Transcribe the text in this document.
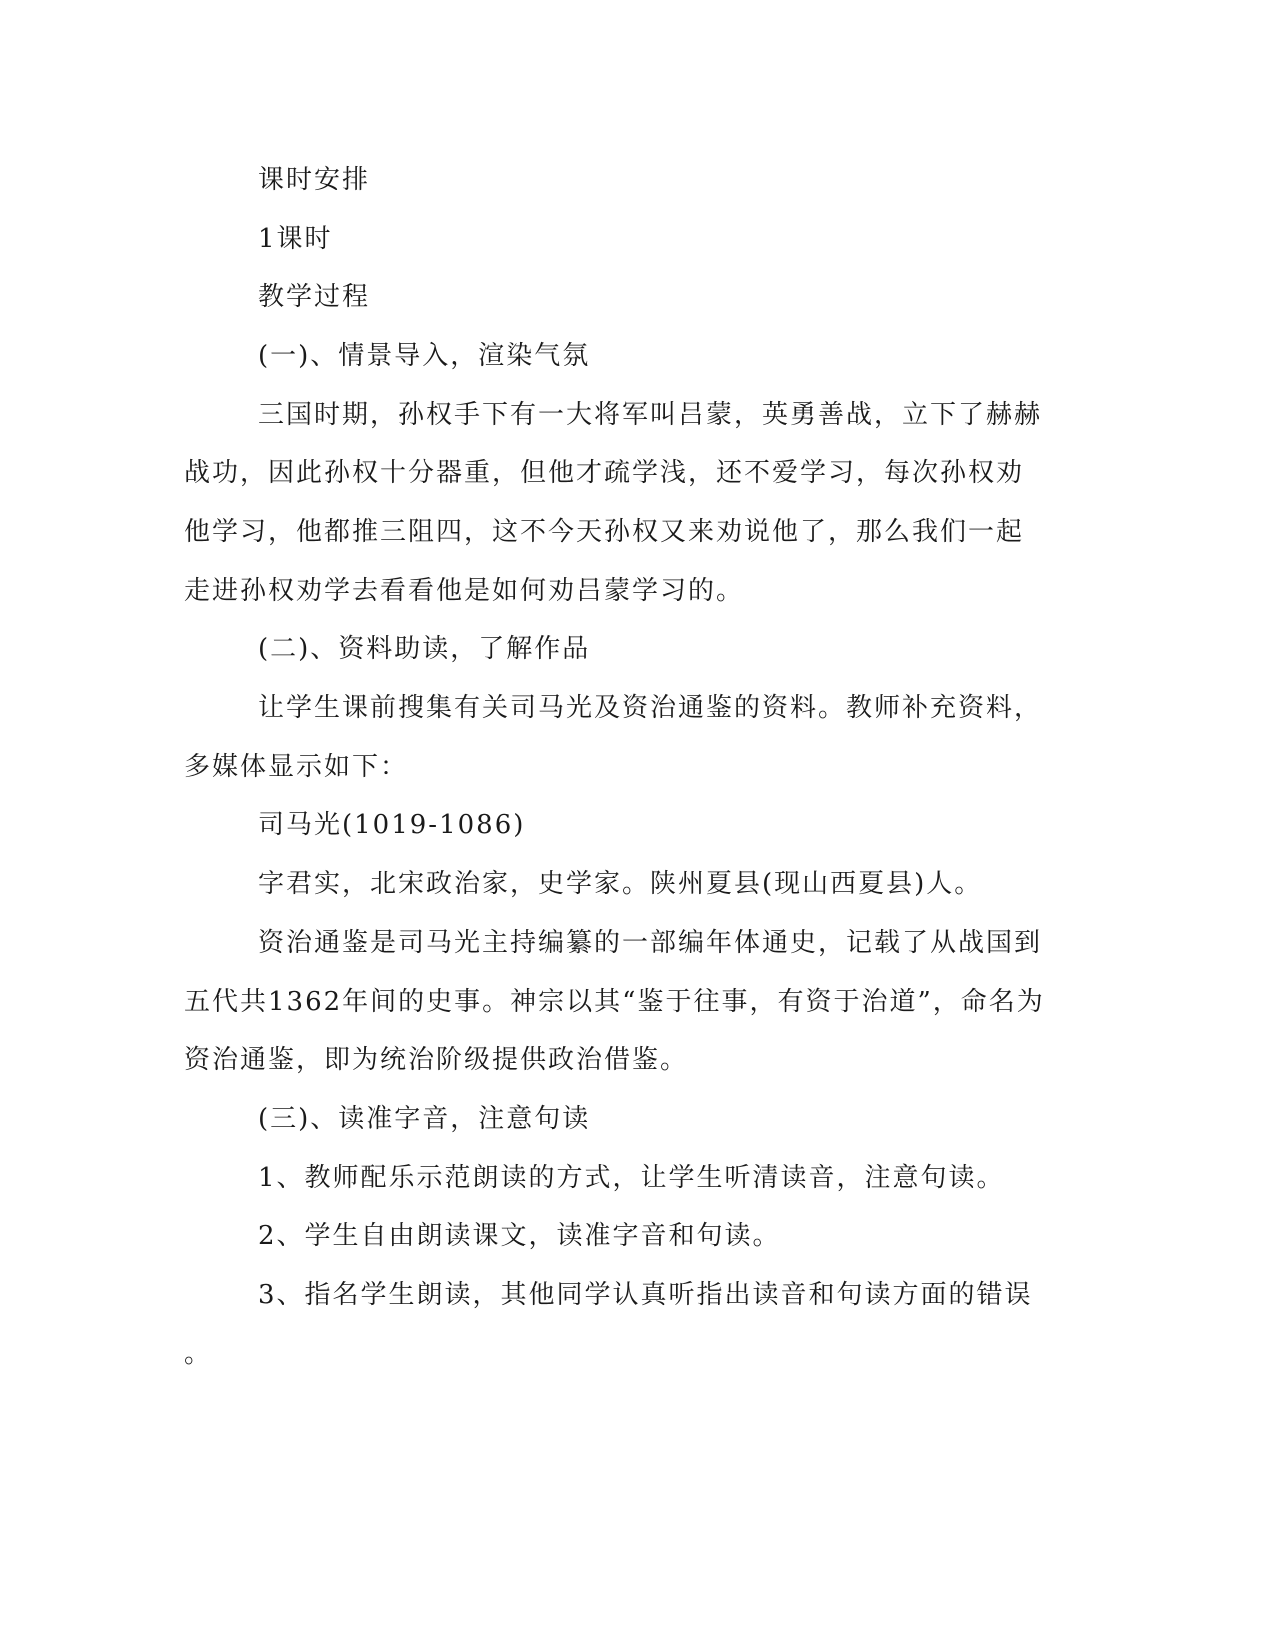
课时安排
1课时
教学过程
(一)、情景导入，渲染气氛
三国时期，孙权手下有一大将军叫吕蒙，英勇善战，立下了赫赫
战功，因此孙权十分器重，但他才疏学浅，还不爱学习，每次孙权劝
他学习，他都推三阻四，这不今天孙权又来劝说他了，那么我们一起
走进孙权劝学去看看他是如何劝吕蒙学习的。
(二)、资料助读，了解作品
让学生课前搜集有关司马光及资治通鉴的资料。教师补充资料，
多媒体显示如下：
司马光(1019-1086)
字君实，北宋政治家，史学家。陕州夏县(现山西夏县)人。
资治通鉴是司马光主持编纂的一部编年体通史，记载了从战国到
五代共1362年间的史事。神宗以其“鉴于往事，有资于治道”，命名为
资治通鉴，即为统治阶级提供政治借鉴。
(三)、读准字音，注意句读
1、教师配乐示范朗读的方式，让学生听清读音，注意句读。
2、学生自由朗读课文，读准字音和句读。
3、指名学生朗读，其他同学认真听指出读音和句读方面的错误
。
